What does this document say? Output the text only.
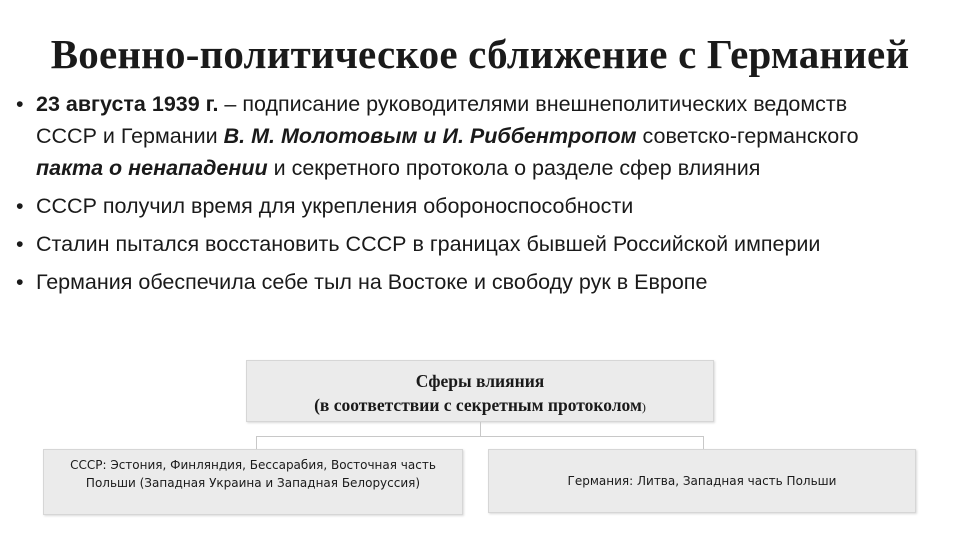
Военно-политическое сближение с Германией
• 23 августа 1939 г. – подписание руководителями внешнеполитических ведомств СССР и Германии В. М. Молотовым и И. Риббентропом советско-германского пакта о ненападении и секретного протокола о разделе сфер влияния
• СССР получил время для укрепления обороноспособности
• Сталин пытался восстановить СССР в границах бывшей Российской империи
• Германия обеспечила себе тыл на Востоке и свободу рук в Европе
Сферы влияния
(в соответствии с секретным протоколом)
СССР: Эстония, Финляндия, Бессарабия, Восточная часть Польши (Западная Украина и Западная Белоруссия)	Германия: Литва, Западная часть Польши
